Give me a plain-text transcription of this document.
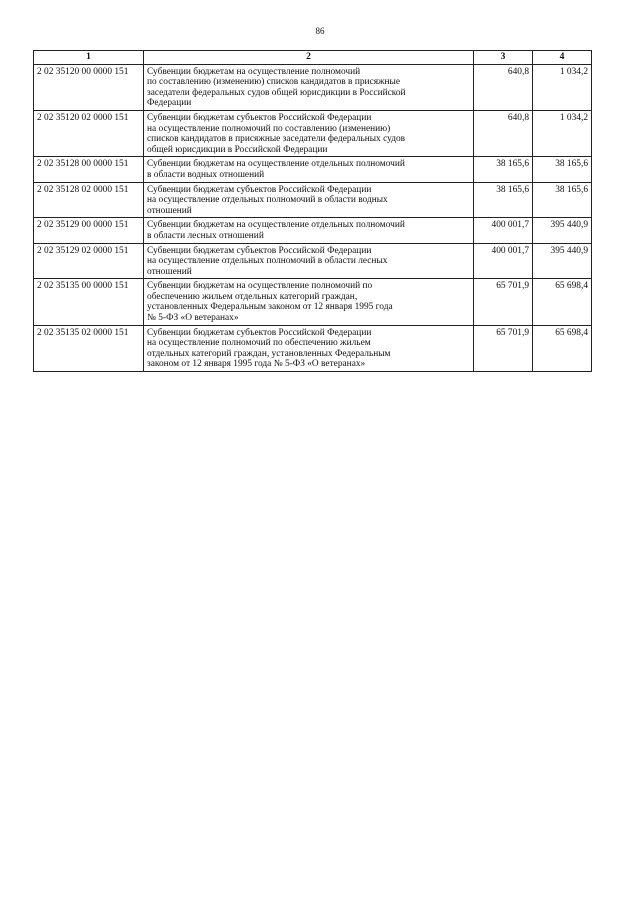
86
1	2	3	4
2 02 35120 00 0000 151	Субвенции бюджетам на осуществление полномочий
по составлению (изменению) списков кандидатов в присяжные
заседатели федеральных судов общей юрисдикции в Российской
Федерации	640,8	1 034,2
2 02 35120 02 0000 151	Субвенции бюджетам субъектов Российской Федерации
на осуществление полномочий по составлению (изменению)
списков кандидатов в присяжные заседатели федеральных судов
общей юрисдикции в Российской Федерации	640,8	1 034,2
2 02 35128 00 0000 151	Субвенции бюджетам на осуществление отдельных полномочий
в области водных отношений	38 165,6	38 165,6
2 02 35128 02 0000 151	Субвенции бюджетам субъектов Российской Федерации
на осуществление отдельных полномочий в области водных
отношений	38 165,6	38 165,6
2 02 35129 00 0000 151	Субвенции бюджетам на осуществление отдельных полномочий
в области лесных отношений	400 001,7	395 440,9
2 02 35129 02 0000 151	Субвенции бюджетам субъектов Российской Федерации
на осуществление отдельных полномочий в области лесных
отношений	400 001,7	395 440,9
2 02 35135 00 0000 151	Субвенции бюджетам на осуществление полномочий по
обеспечению жильем отдельных категорий граждан,
установленных Федеральным законом от 12 января 1995 года
№ 5-ФЗ «О ветеранах»	65 701,9	65 698,4
2 02 35135 02 0000 151	Субвенции бюджетам субъектов Российской Федерации
на осуществление полномочий по обеспечению жильем
отдельных категорий граждан, установленных Федеральным
законом от 12 января 1995 года № 5-ФЗ «О ветеранах»	65 701,9	65 698,4
